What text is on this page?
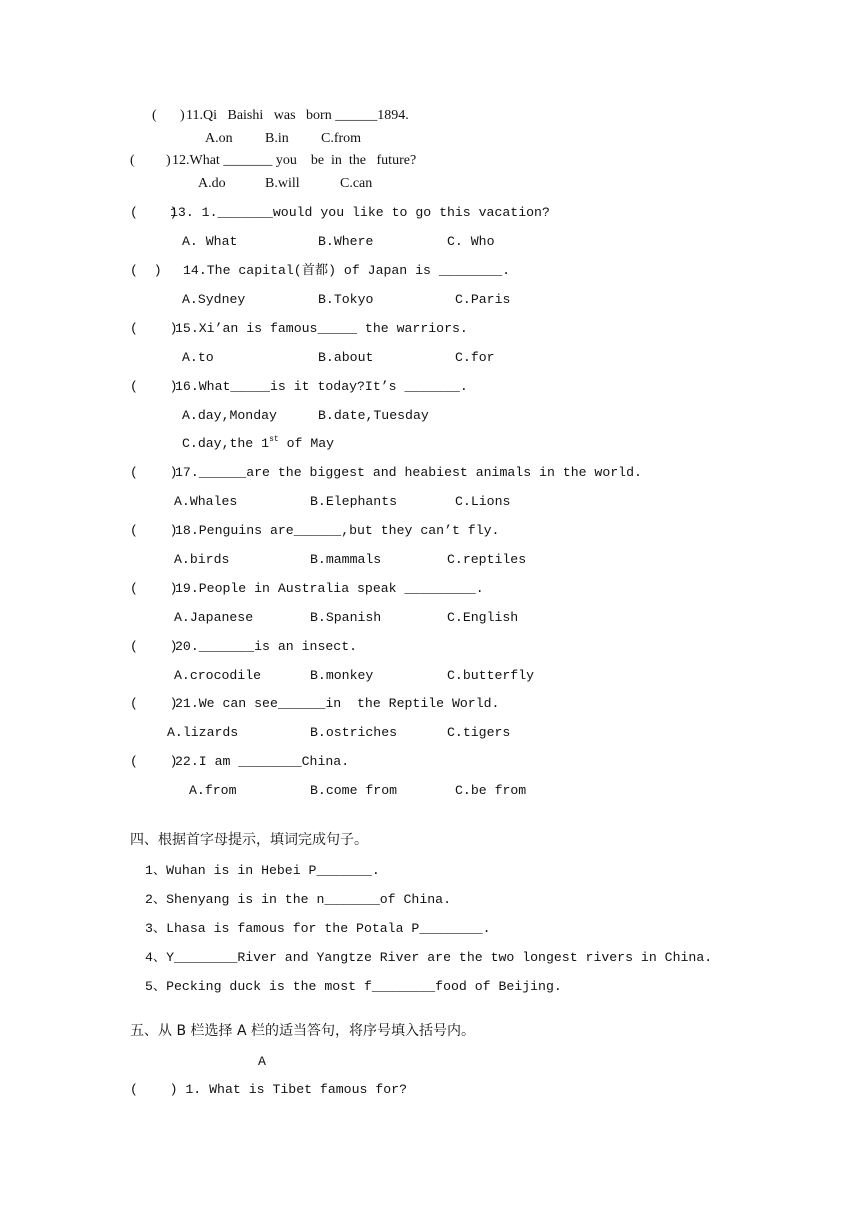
( ) 11.Qi   Baishi   was   born ______1894.
A.on B.in C.from
( ) 12.What _______ you    be  in  the   future?
A.do	B.will	C.can
(    )
13. 1._______would you like to go this vacation?
A. What	B.Where	C. Who
(  ) 14.The capital(首都) of Japan is ________.
A.Sydney	B.Tokyo	C.Paris
(    )
15.Xi’an is famous_____ the warriors.
A.to	B.about	C.for
(    )
16.What_____is it today?It’s _______.
A.day,Monday	B.date,Tuesday
C.day,the 1st of May
(    )
17.______are the biggest and heabiest animals in the world.
A.Whales	B.Elephants	C.Lions
(    )
18.Penguins are______,but they can’t fly.
A.birds	B.mammals	C.reptiles
(    )
19.People in Australia speak _________.
A.Japanese	B.Spanish	C.English
(    )
20._______is an insect.
A.crocodile	B.monkey	C.butterfly
(    )
21.We can see______in  the Reptile World.
A.lizards	B.ostriches	C.tigers
(    )
22.I am ________China.
A.from	B.come from	C.be from
四、根据首字母提示，填词完成句子。
1、Wuhan is in Hebei P_______.
2、Shenyang is in the n_______of China.
3、Lhasa is famous for the Potala P________.
4、Y________River and Yangtze River are the two longest rivers in China.
5、Pecking duck is the most f________food of Beijing.
五、从 B 栏选择 A 栏的适当答句，将序号填入括号内。
A
(    ) 1. What is Tibet famous for?
